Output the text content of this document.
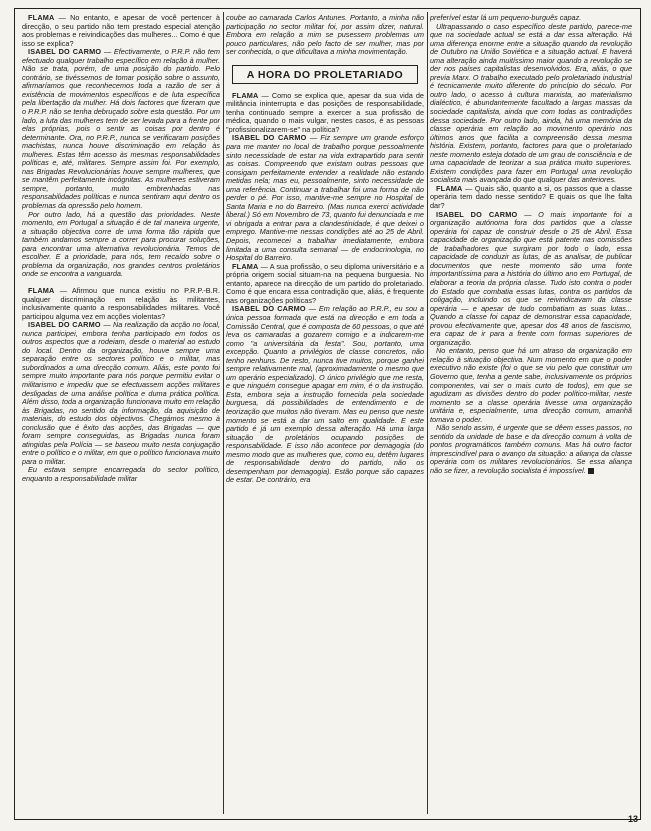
FLAMA — No entanto, e apesar de você pertencer à direcção, o seu partido não tem prestado especial atenção aos problemas e reivindicações das mulheres... Como é que isso se explica?

ISABEL DO CARMO — Efectivamente, o P.R.P. não tem efectuado qualquer trabalho específico em relação à mulher. Não se trata, porém, de uma posição do partido. Pelo contrário, se tivéssemos de tomar posição sobre o assunto, afirmaríamos que reconhecemos toda a razão de ser à existência de movimentos específicos e de luta específica pela libertação da mulher. Há dois factores que fizeram que o P.R.P. não se tenha debruçado sobre esta questão. Por um lado, a luta das mulheres tem de ser levada para a frente por elas próprias, pois o sentir as coisas por dentro é determinante. Ora, no P.R.P., nunca se verificaram posições machistas, nunca houve discriminação em relação às mulheres. Estas têm acesso às mesmas responsabilidades políticas e, até, militares. Sempre assim foi. Por exemplo, nas Brigadas Revolucionárias houve sempre mulheres, que se mantêm perfeitamente incógnitas. As mulheres estiveram sempre, portanto, muito embrenhadas nas responsabilidades políticas e nunca sentiram aqui dentro os problemas da opressão pelo homem.

Por outro lado, há a questão das prioridades. Neste momento, em Portugal a situação é de tal maneira urgente, a situação objectiva corre de uma forma tão rápida que também andamos sempre a correr para procurar soluções, para encontrar uma alternativa revolucionária. Temos de escolher. E a prioridade, para nós, tem recaído sobre o problema da organização, nos grandes centros proletários onde se encontra a vanguarda.

FLAMA — Afirmou que nunca existiu no P.R.P.-B.R. qualquer discriminação em relação às militantes, inclusivamente quanto a responsabilidades militares. Você participou alguma vez em acções violentas?

ISABEL DO CARMO — Na realização da acção no local, nunca participei, embora tenha participado em todos os outros aspectos que a rodeiam, desde o material ao estudo do local. Dentro da organização, houve sempre uma separação entre os sectores político e o militar, mas subordinados a uma direcção comum. Aliás, este ponto foi sempre muito importante para nós porque permitiu evitar o militarismo e impediu que se efectuassem acções militares desligadas de uma análise política e duma prática política. Além disso, toda a organização funcionava muito em relação às Brigadas, no sentido da informação, da aquisição de materiais, do estudo dos objectivos. Chegámos mesmo à conclusão que é êxito das acções, das Brigadas — que foram sempre conseguidas, as Brigadas nunca foram atingidas pela Polícia — se baseou muito nesta conjugação entre o político e o militar, em que o político funcionava muito para o militar.

Eu estava sempre encarregada do sector político, enquanto a responsabilidade militar

coube ao camarada Carlos Antunes. Portanto, a minha não participação no sector militar foi, por assim dizer, natural. Embora em relação a mim se pusessem problemas um pouco particulares, não pelo facto de ser mulher, mas por ser conhecida, o que dificultava a minha movimentação.

A HORA DO PROLETARIADO

FLAMA — Como se explica que, apesar da sua vida de militância ininterrupta e das posições de responsabilidade, tenha continuado sempre a exercer a sua profissão de médica, quando o mais vulgar, nestes casos, é as pessoas "profissionalizarem-se" na política?

ISABEL DO CARMO — Fiz sempre um grande esforço para me manter no local de trabalho porque pessoalmente sinto necessidade de estar na vida extrapartido para sentir as coisas. Compreendo que existam outras pessoas que consigam perfeitamente entender a realidade não estando metidas nela; mas eu, pessoalmente, sinto necessidade de uma referência. Continuar a trabalhar foi uma forma de não perder o pé. Por isso, mantive-me sempre no Hospital de Santa Maria e no do Barreiro. (Mas nunca exerci actividade liberal.) Só em Novembro de 73, quanto fui denunciada e me vi obrigada a entrar para a clandestinidade, é que deixei o emprego. Mantive-me nessas condições até ao 25 de Abril. Depois, recomecei a trabalhar imediatamente, embora limitada a uma consulta semanal — de endocrinologia, no Hospital do Barreiro.

FLAMA — A sua profissão, o seu diploma universitário e a própria origem social situam-na na pequena burguesia. No entanto, aparece na direcção de um partido do proletariado. Como é que encara essa contradição que, aliás, é frequente nas organizações políticas?

ISABEL DO CARMO — Em relação ao P.R.P., eu sou a única pessoa formada que está na direcção e em toda a Comissão Central, que é composta de 60 pessoas, o que até leva os camaradas a gozarem comigo e a indicarem-me como "a universitária da festa". Sou, portanto, uma excepção. Quanto a privilégios de classe concretos, não tenho nenhuns. De resto, nunca tive muitos, porque ganhei sempre relativamente mal, (aproximadamente o mesmo que um operário especializado). O único privilégio que me resta, e que ninguém consegue apagar em mim, é o da instrução. Esta, embora seja a instrução fornecida pela sociedade burguesa, dá possibilidades de entendimento e de teorização que muitos não tiveram. Mas eu penso que neste momento se está a dar um salto em qualidade. E este partido é já um exemplo dessa alteração. Há uma larga situação de proletários ocupando posições de responsabilidade. E isso não acontece por demagogia (do mesmo modo que as mulheres que, como eu, detêm lugares de responsabilidade dentro do partido, não os desempenham por demagogia). Estão porque são capazes de estar. De contrário, era

preferível estar lá um pequeno-burguês capaz.

Ultrapassando o caso específico deste partido, parece-me que na sociedade actual se está a dar essa alteração. Há uma diferença enorme entre a situação quando da revolução de Outubro na União Soviética e a situação actual. E haverá uma alteração ainda muitíssimo maior quando a revolução se der nos países capitalistas desenvolvidos. Era, aliás, o que previa Marx. O trabalho executado pelo proletariado industrial é tecnicamente muito diferente do princípio do século. Por outro lado, o acesso à cultura marxista, ao materialismo dialéctico, é abundantemente facultado a largas massas da sociedade capitalista, ainda que com todas as contradições dessa sociedade. Por outro lado, ainda, há uma memória da classe operária em relação ao movimento operário nos últimos anos que facilita a compreensão dessa mesma história. Existem, portanto, factores para que o proletariado neste momento esteja dotado de um grau de consciência e de uma capacidade de teorizar a sua prática muito superiores. Existem condições para fazer em Portugal uma revolução socialista mais avançada do que qualquer das anteriores.

FLAMA — Quais são, quanto a si, os passos que a classe operária tem dado nesse sentido? E quais os que lhe falta dar?

ISABEL DO CARMO — O mais importante foi a organização autónoma fora dos partidos que a classe operária foi capaz de construir desde o 25 de Abril. Essa capacidade de organização que está patente nas comissões de trabalhadores que surgiram por todo o lado, essa capacidade de conduzir as lutas, de as analisar, de publicar documentos que neste momento são uma fonte importantíssima para a história do último ano em Portugal, de elaborar a teoria da própria classe. Tudo isto contra o poder do Estado que combatia essas lutas, contra os partidos da coligação, incluindo os que se reivindicavam da classe operária — e apesar de tudo combatiam as suas lutas... Quando a classe foi capaz de demonstrar essa capacidade, provou efectivamente que, apesar dos 48 anos de fascismo, era capaz de ir para a frente com formas superiores de organização.

No entanto, penso que há um atraso da organização em relação à situação objectiva. Num momento em que o poder executivo não existe (foi o que se viu pelo que constituir um Governo que, tenha a gente sabe, inclusivamente os próprios componentes, vai ser o mais curto de todos), em que se agudizam as divisões dentro do poder político-militar, neste momento se a classe operária tivesse uma organização unitária e, especialmente, uma direcção comum, amanhã tomava o poder.

Não sendo assim, é urgente que se dêem esses passos, no sentido da unidade de base e da direcção comum à volta de pontos programáticos também comuns. Mas há outro factor imprescindível para o avanço da situação: a aliança da classe operária com os militares revolucionários. Se essa aliança não se fizer, a revolução socialista é impossível.

13
